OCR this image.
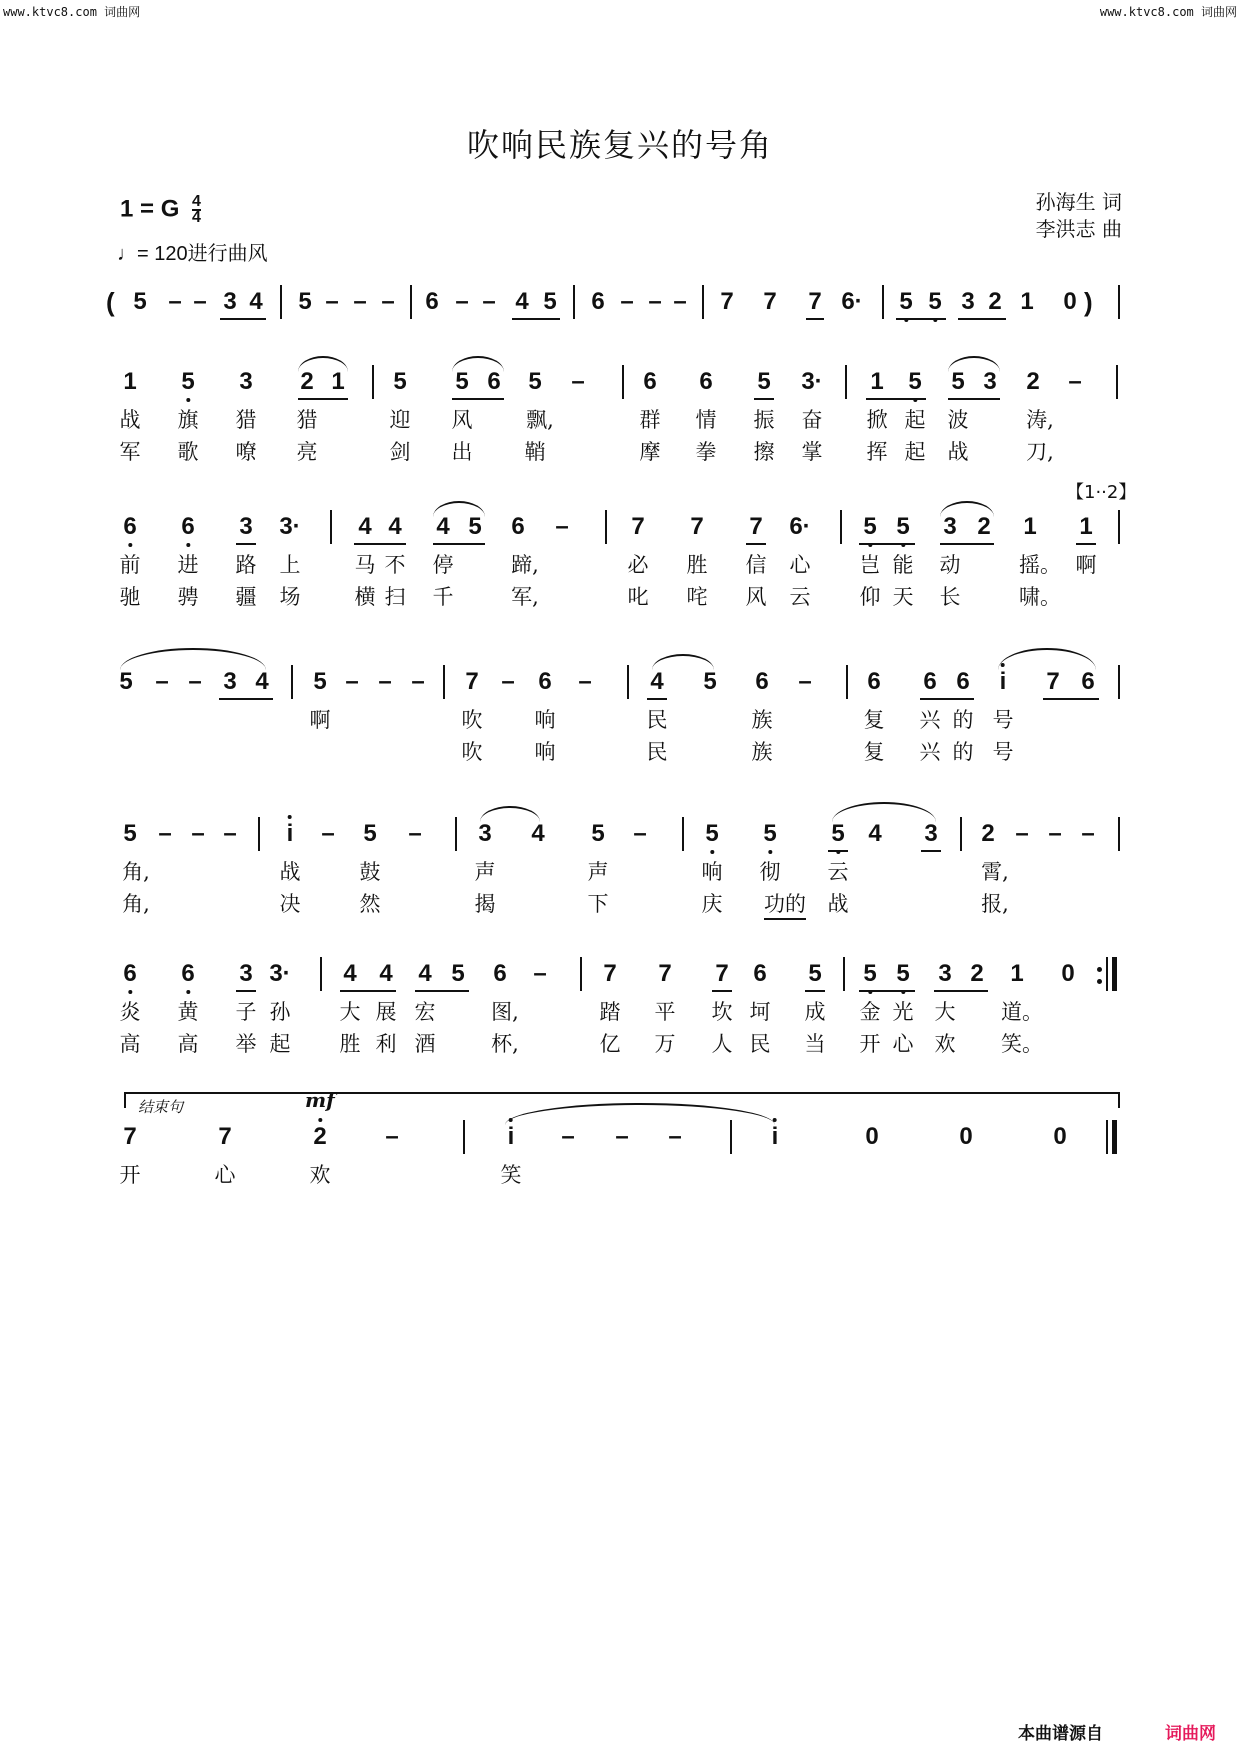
www.ktvc8.com 词曲网	www.ktvc8.com 词曲网
吹响民族复兴的号角
1 = G $\frac{4}{4}$
♩= 120进行曲风
孙海生 词
李洪志 曲
( 5 – – 3 4 5 – – – 6 – – 4 5 6 – – – 7 7 7 6· 5 5 3 2 1 0 )
1 5 3 2 1 5 5 6 5 – 6 6 5 3· 1 5 5 3 2 –
战 旗 猎 猎	迎 风	飘,	群 情 振 奋 掀 起 波	涛,
军 歌 嘹 亮	剑 出 鞘	摩 拳 擦 掌 挥 起 战	刀,
【1··2】
6 6 3 3· 4 4 4 5 6 –	7 7 7 6· 5 5 3 2 1 1
前 进 路 上	马 不 停	蹄,	必 胜 信 心 岂 能 动	摇。 啊
驰 骋 疆 场	横 扫 千	军,	叱 咤 风 云 仰 天 长	啸。
5 – – 3 4 5 – – – 7 – 6 – 4 5 6 – 6 6 6 i 7 6
啊	吹 响	民	族	复 兴 的 号
吹 响	民	族	复 兴 的 号
5 – – – i – 5 – 3 4 5 – 5 5 5 4 3 2 – – –
角,	战	鼓	声	声	响 彻 云	霄,
角,	决	然	揭	下	庆 功的 战	报,
6 6 3 3· 4 4 4 5 6 – 7 7 7 6 5 5 5 3 2 1 0
炎 黄 子 孙 大 展 宏	图,	踏 平 坎 坷 成 金 光 大 道。
高 高 举 起 胜 利 酒	杯,	亿 万 人 民 当 开 心 欢 笑。
结束句	mf
7	7	2 –	i – – –	i	0	0	0
开	心	欢	笑
本曲谱源自	词曲网
